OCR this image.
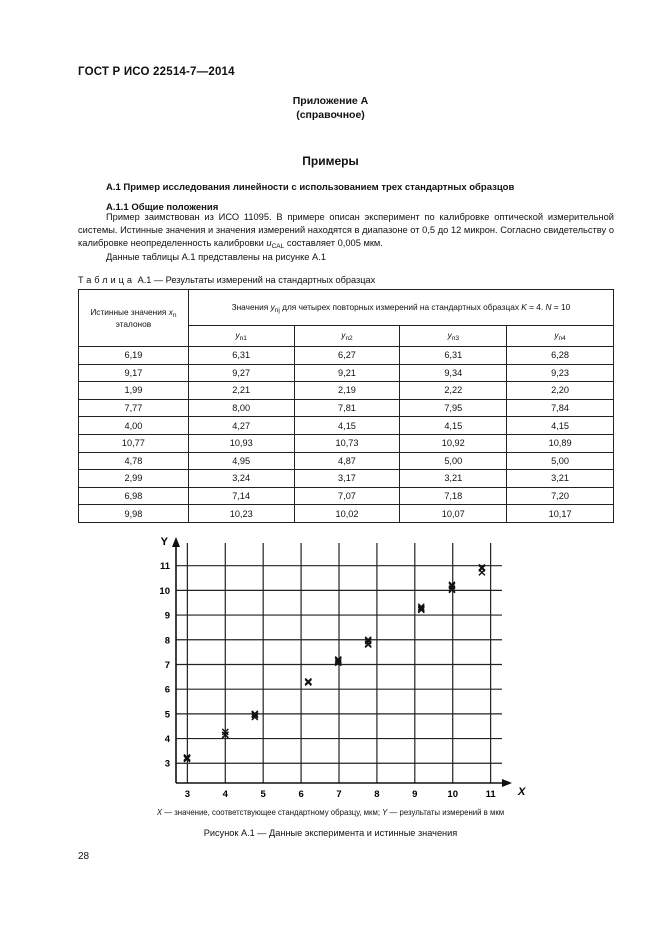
ГОСТ Р ИСО 22514-7—2014
Приложение А
(справочное)
Примеры
А.1 Пример исследования линейности с использованием трех стандартных образцов
А.1.1 Общие положения
Пример заимствован из ИСО 11095. В примере описан эксперимент по калибровке оптической измерительной системы. Истинные значения и значения измерений находятся в диапазоне от 0,5 до 12 микрон. Согласно свидетельству о калибровке неопределенность калибровки $u_{CAL}$ составляет 0,005 мкм.
Данные таблицы А.1 представлены на рисунке А.1
Таблица А.1 — Результаты измерений на стандартных образцах
Истинные значения $x_n$
эталонов	Значения $y_{nj}$ для четырех повторных измерений на стандартных образцах K = 4. N = 10			
	$y_{n1}$	$y_{n2}$	$y_{n3}$	$y_{n4}$
6,19	6,31	6,27	6,31	6,28
9,17	9,27	9,21	9,34	9,23
1,99	2,21	2,19	2,22	2,20
7,77	8,00	7,81	7,95	7,84
4,00	4,27	4,15	4,15	4,15
10,77	10,93	10,73	10,92	10,89
4,78	4,95	4,87	5,00	5,00
2,99	3,24	3,17	3,21	3,21
6,98	7,14	7,07	7,18	7,20
9,98	10,23	10,02	10,07	10,17
Y
X
3	4	5	6	7	8	9	10	11
3
4
5
6
7
8
9
10
11
X — значение, соответствующее стандартному образцу, мкм; Y — результаты измерений в мкм
Рисунок А.1 — Данные эксперимента и истинные значения
28
